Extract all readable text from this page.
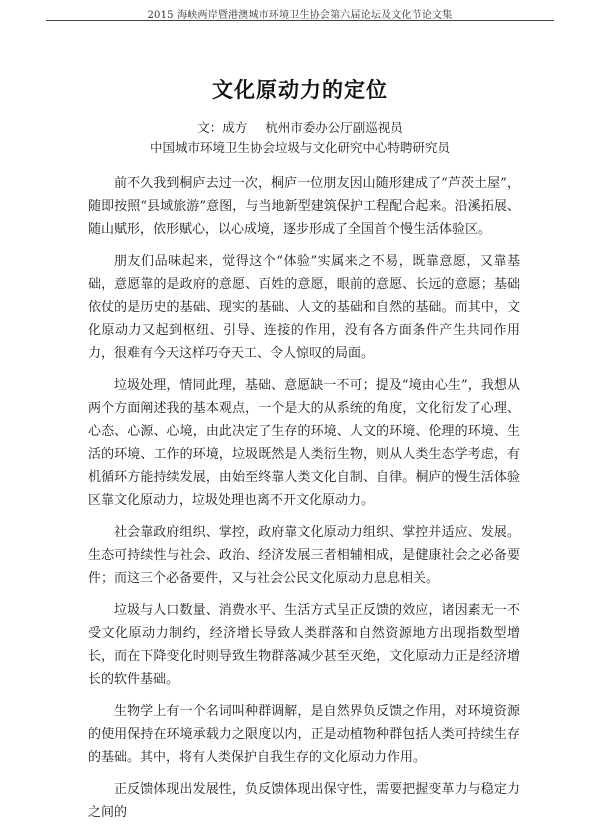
2015 海峡两岸暨港澳城市环境卫生协会第六届论坛及文化节论文集
文化原动力的定位
文：成方 杭州市委办公厅副巡视员
中国城市环境卫生协会垃圾与文化研究中心特聘研究员

前不久我到桐庐去过一次，桐庐一位朋友因山随形建成了“芦茨土屋”，随即按照“县域旅游”意图，与当地新型建筑保护工程配合起来。沿溪拓展、随山赋形，依形赋心，以心成境，逐步形成了全国首个慢生活体验区。

朋友们品味起来，觉得这个“体验”实属来之不易，既靠意愿，又靠基础，意愿靠的是政府的意愿、百姓的意愿，眼前的意愿、长远的意愿；基础依仗的是历史的基础、现实的基础、人文的基础和自然的基础。而其中，文化原动力又起到枢纽、引导、连接的作用，没有各方面条件产生共同作用力，很难有今天这样巧夺天工、令人惊叹的局面。

垃圾处理，情同此理，基础、意愿缺一不可；提及“境由心生”，我想从两个方面阐述我的基本观点，一个是大的从系统的角度，文化衍发了心理、心态、心源、心境，由此决定了生存的环境、人文的环境、伦理的环境、生活的环境、工作的环境，垃圾既然是人类衍生物，则从人类生态学考虑，有机循环方能持续发展，由始至终靠人类文化自制、自律。桐庐的慢生活体验区靠文化原动力，垃圾处理也离不开文化原动力。

社会靠政府组织、掌控，政府靠文化原动力组织、掌控并适应、发展。生态可持续性与社会、政治、经济发展三者相辅相成，是健康社会之必备要件；而这三个必备要件，又与社会公民文化原动力息息相关。

垃圾与人口数量、消费水平、生活方式呈正反馈的效应，诸因素无一不受文化原动力制约，经济增长导致人类群落和自然资源地方出现指数型增长，而在下降变化时则导致生物群落减少甚至灭绝，文化原动力正是经济增长的软件基础。

生物学上有一个名词叫种群调解，是自然界负反馈之作用，对环境资源的使用保持在环境承载力之限度以内，正是动植物种群包括人类可持续生存的基础。其中，将有人类保护自我生存的文化原动力作用。

正反馈体现出发展性，负反馈体现出保守性，需要把握变革力与稳定力之间的
